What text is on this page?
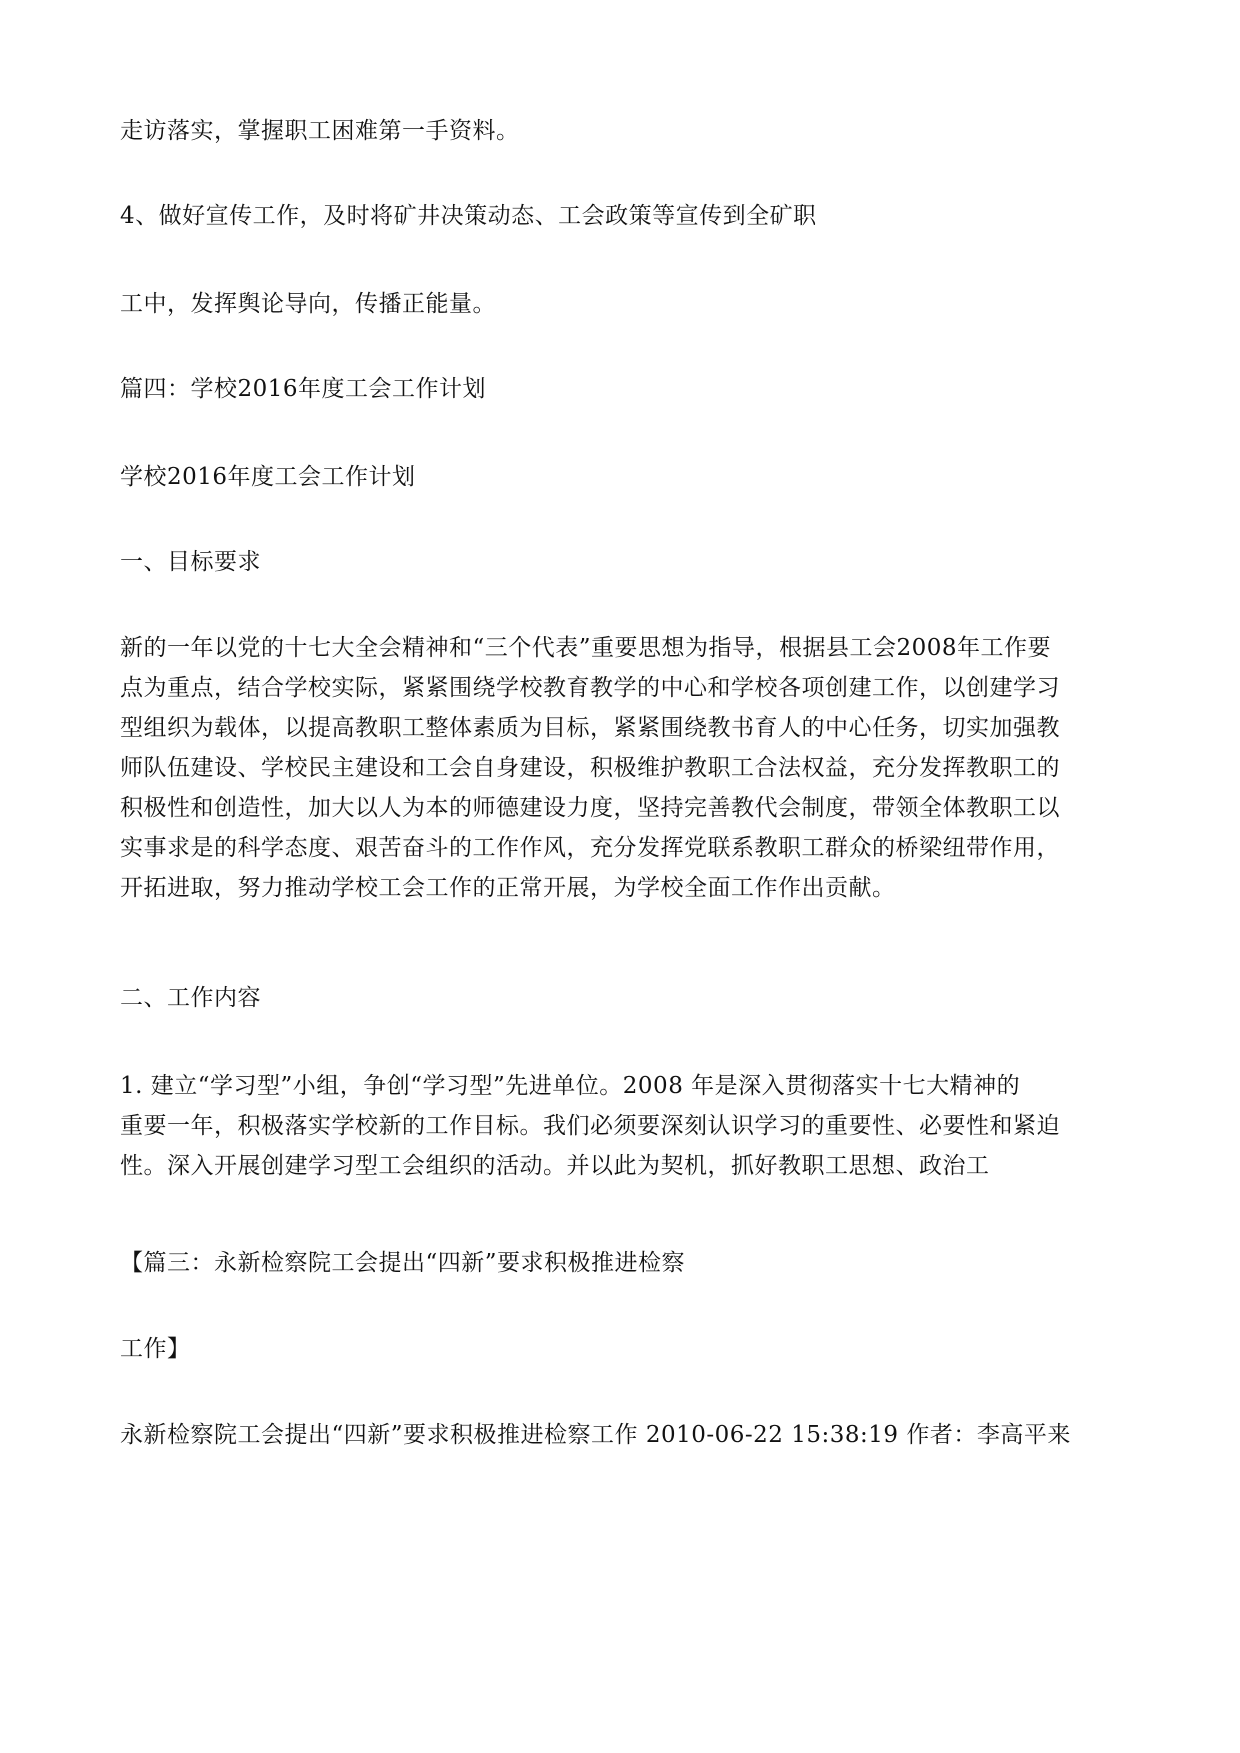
走访落实，掌握职工困难第一手资料。
4、做好宣传工作，及时将矿井决策动态、工会政策等宣传到全矿职
工中，发挥舆论导向，传播正能量。
篇四：学校2016年度工会工作计划
学校2016年度工会工作计划
一、目标要求
新的一年以党的十七大全会精神和“三个代表”重要思想为指导，根据县工会2008年工作要
点为重点，结合学校实际，紧紧围绕学校教育教学的中心和学校各项创建工作，以创建学习
型组织为载体，以提高教职工整体素质为目标，紧紧围绕教书育人的中心任务，切实加强教
师队伍建设、学校民主建设和工会自身建设，积极维护教职工合法权益，充分发挥教职工的
积极性和创造性，加大以人为本的师德建设力度，坚持完善教代会制度，带领全体教职工以
实事求是的科学态度、艰苦奋斗的工作作风，充分发挥党联系教职工群众的桥梁纽带作用，
开拓进取，努力推动学校工会工作的正常开展，为学校全面工作作出贡献。
二、工作内容
1. 建立“学习型”小组，争创“学习型”先进单位。2008 年是深入贯彻落实十七大精神的
重要一年，积极落实学校新的工作目标。我们必须要深刻认识学习的重要性、必要性和紧迫
性。深入开展创建学习型工会组织的活动。并以此为契机，抓好教职工思想、政治工
【篇三：永新检察院工会提出“四新”要求积极推进检察
工作】
永新检察院工会提出“四新”要求积极推进检察工作 2010-06-22 15:38:19 作者：李高平来
